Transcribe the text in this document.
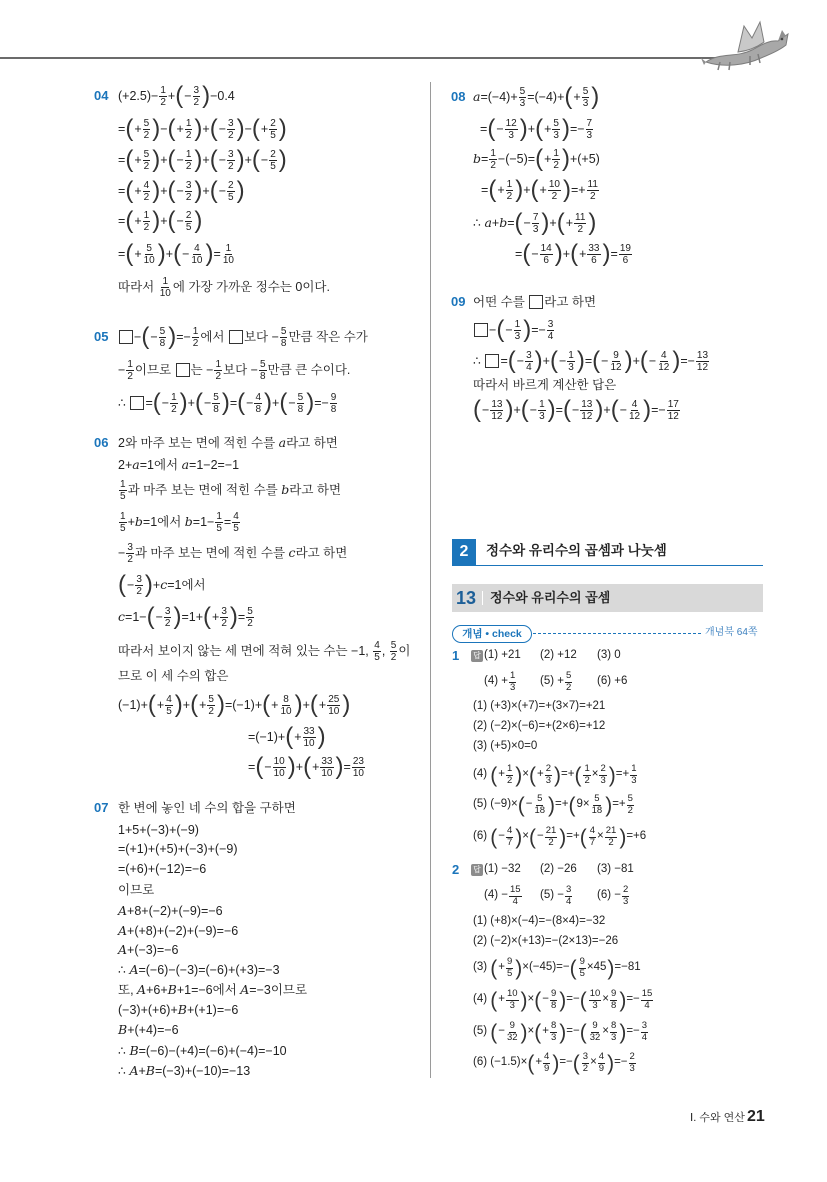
04 $(+2.5)- \frac{1}{2}$ + ( − $\frac{3}{2}$
) −0.4
= ( + $\frac{5}{2}$
) − ( + $\frac{1}{2}$
) + ( − $\frac{3}{2}$
) − ( + $\frac{2}{5}$
)
= ( + $\frac{5}{2}$
) + ( − $\frac{1}{2}$
) + ( − $\frac{3}{2}$
) + ( − $\frac{2}{5}$
)
= ( + $\frac{4}{2}$
) + ( − $\frac{3}{2}$
) + ( − $\frac{2}{5}$
)
= ( + $\frac{1}{2}$
) + ( − $\frac{2}{5}$
)
= ( + $\frac{5}{10}$
) + ( − $\frac{4}{10}$
) = $\frac{1}{10}$
따라서 $\frac{1}{10}$ 에 가장 가까운 정수는 0이다.
05 − ( − $\frac{5}{8}$
) =− $\frac{1}{2}$ 에서 보다 − $\frac{5}{8}$ 만큼 작은 수가
− $\frac{1}{2}$ 이므로 는 − $\frac{1}{2}$ 보다 − $\frac{5}{8}$ 만큼 큰 수이다.
∴ = ( − $\frac{1}{2}$
) + ( − $\frac{5}{8}$
) = ( − $\frac{4}{8}$
) + ( − $\frac{5}{8}$
) =− $\frac{9}{8}$
06 2와 마주 보는 면에 적힌 수를 a 라고 하면
2+ a =1에서 a =1−2=−1
$\frac{1}{5}$ 과 마주 보는 면에 적힌 수를 b 라고 하면
$\frac{1}{5} + b =1$에서 $b =1- \frac{1}{5} = \frac{4}{5}$
− $\frac{3}{2}$ 과 마주 보는 면에 적힌 수를 c 라고 하면
( − $\frac{3}{2}$
) + c =1에서
c =1− ( − $\frac{3}{2}$
) =1+ ( + $\frac{3}{2}$
) = $\frac{5}{2}$
따라서 보이지 않는 세 면에 적혀 있는 수는 −1, $\frac{4}{5}$ , $\frac{5}{2}$ 이
므로 이 세 수의 합은
(−1)+ ( + $\frac{4}{5}$
) + ( + $\frac{5}{2}$
) =(−1)+ ( + $\frac{8}{10}$
) + ( + $\frac{25}{10}$
)
=(−1)+ ( + $\frac{33}{10}$
)
= ( − $\frac{10}{10}$
) + ( + $\frac{33}{10}$
) = $\frac{23}{10}$
07 한 변에 놓인 네 수의 합을 구하면
1+5+(−3)+(−9)
=(+1)+(+5)+(−3)+(−9)
=(+6)+(−12)=−6
이므로
A +8+(−2)+(−9)=−6
A +(+8)+(−2)+(−9)=−6
A +(−3)=−6
∴ A =(−6)−(−3)=(−6)+(+3)=−3
또, A +6+ B +1=−6에서 A =−3이므로
(−3)+(+6)+ B +(+1)=−6
B +(+4)=−6
∴ B =(−6)−(+4)=(−6)+(−4)=−10
∴ A + B =(−3)+(−10)=−13
08 $a =(-4)+ \frac{5}{3} =(-4)+$ ( + $\frac{5}{3}$
)
= ( − $\frac{12}{3}$
) + ( + $\frac{5}{3}$
) =− $\frac{7}{3}$
$b = \frac{1}{2} -(-5)=$ ( + $\frac{1}{2}$
) +(+5)
= ( + $\frac{1}{2}$
) + ( + $\frac{10}{2}$
) =+ $\frac{11}{2}$
∴ a + b = ( − $\frac{7}{3}$
) + ( + $\frac{11}{2}$
)
= ( − $\frac{14}{6}$
) + ( + $\frac{33}{6}$
) = $\frac{19}{6}$
09 어떤 수를 라고 하면
− ( − $\frac{1}{3}$
) =− $\frac{3}{4}$
∴ = ( − $\frac{3}{4}$
) + ( − $\frac{1}{3}$
) = ( − $\frac{9}{12}$
) + ( − $\frac{4}{12}$
) =− $\frac{13}{12}$
따라서 바르게 계산한 답은
( − $\frac{13}{12}$
) + ( − $\frac{1}{3}$
) = ( − $\frac{13}{12}$
) + ( − $\frac{4}{12}$
) =− $\frac{17}{12}$
2	정수와 유리수의 곱셈과 나눗셈
13 정수와 유리수의 곱셈
개념 • check	개념북 64쪽
1 답 (1) +21 (2) +12 (3) 0
$(4) + \frac{1}{3} (5) + \frac{5}{2} (6) +6$
(1) (+3)×(+7)=+(3×7)=+21
(2) (−2)×(−6)=+(2×6)=+12
(3) (+5)×0=0
(4) ( + $\frac{1}{2}$
) × ( + $\frac{2}{3}$
) =+ ( $\frac{1}{2} \times \frac{2}{3}$
) =+ $\frac{1}{3}$
(5) (−9)× ( − $\frac{5}{18}$
) =+ ( $9\times \frac{5}{18}$
) =+ $\frac{5}{2}$
(6) ( − $\frac{4}{7}$
) × ( − $\frac{21}{2}$
) =+ ( $\frac{4}{7} \times \frac{21}{2}$
) =+6
2 답 (1) −32 (2) −26 (3) −81
$(4) - \frac{15}{4} (5) - \frac{3}{4} (6) - \frac{2}{3}$
(1) (+8)×(−4)=−(8×4)=−32
(2) (−2)×(+13)=−(2×13)=−26
(3) ( + $\frac{9}{5}$
) ×(−45)=− ( $\frac{9}{5} \times 45$
) =−81
(4) ( + $\frac{10}{3}$
) × ( − $\frac{9}{8}$
) =− ( $\frac{10}{3} \times \frac{9}{8}$
) =− $\frac{15}{4}$
(5) ( − $\frac{9}{32}$
) × ( + $\frac{8}{3}$
) =− ( $\frac{9}{32} \times \frac{8}{3}$
) =− $\frac{3}{4}$
(6) (−1.5)× ( + $\frac{4}{9}$
) =− ( $\frac{3}{2} \times \frac{4}{9}$
) =− $\frac{2}{3}$
Ⅰ. 수와 연산 21
